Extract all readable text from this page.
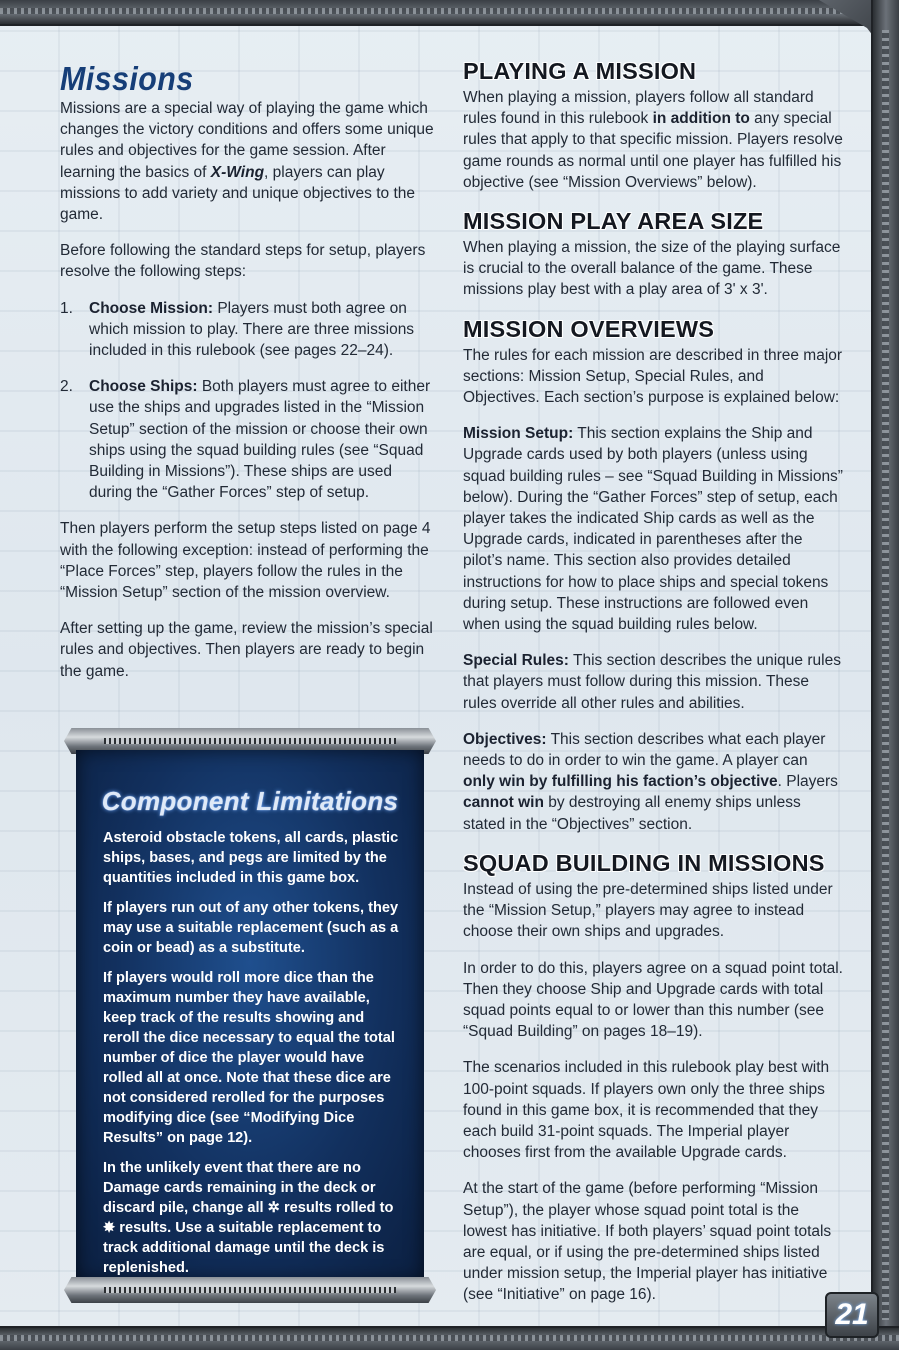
Missions

Missions are a special way of playing the game which changes the victory conditions and offers some unique rules and objectives for the game session. After learning the basics of X-Wing, players can play missions to add variety and unique objectives to the game.

Before following the standard steps for setup, players resolve the following steps:

1. Choose Mission: Players must both agree on which mission to play. There are three missions included in this rulebook (see pages 22–24).
2. Choose Ships: Both players must agree to either use the ships and upgrades listed in the “Mission Setup” section of the mission or choose their own ships using the squad building rules (see “Squad Building in Missions”). These ships are used during the “Gather Forces” step of setup.

Then players perform the setup steps listed on page 4 with the following exception: instead of performing the “Place Forces” step, players follow the rules in the “Mission Setup” section of the mission overview.

After setting up the game, review the mission’s special rules and objectives. Then players are ready to begin the game.

Component Limitations

Asteroid obstacle tokens, all cards, plastic ships, bases, and pegs are limited by the quantities included in this game box.

If players run out of any other tokens, they may use a suitable replacement (such as a coin or bead) as a substitute.

If players would roll more dice than the maximum number they have available, keep track of the results showing and reroll the dice necessary to equal the total number of dice the player would have rolled all at once. Note that these dice are not considered rerolled for the purposes modifying dice (see “Modifying Dice Results” on page 12).

In the unlikely event that there are no Damage cards remaining in the deck or discard pile, change all ✲ results rolled to ✸ results. Use a suitable replacement to track additional damage until the deck is replenished.

PLAYING A MISSION

When playing a mission, players follow all standard rules found in this rulebook in addition to any special rules that apply to that specific mission. Players resolve game rounds as normal until one player has fulfilled his objective (see “Mission Overviews” below).

MISSION PLAY AREA SIZE

When playing a mission, the size of the playing surface is crucial to the overall balance of the game. These missions play best with a play area of 3' x 3'.

MISSION OVERVIEWS

The rules for each mission are described in three major sections: Mission Setup, Special Rules, and Objectives. Each section’s purpose is explained below:

Mission Setup: This section explains the Ship and Upgrade cards used by both players (unless using squad building rules – see “Squad Building in Missions” below). During the “Gather Forces” step of setup, each player takes the indicated Ship cards as well as the Upgrade cards, indicated in parentheses after the pilot’s name. This section also provides detailed instructions for how to place ships and special tokens during setup. These instructions are followed even when using the squad building rules below.

Special Rules: This section describes the unique rules that players must follow during this mission. These rules override all other rules and abilities.

Objectives: This section describes what each player needs to do in order to win the game. A player can only win by fulfilling his faction’s objective. Players cannot win by destroying all enemy ships unless stated in the “Objectives” section.

SQUAD BUILDING IN MISSIONS

Instead of using the pre-determined ships listed under the “Mission Setup,” players may agree to instead choose their own ships and upgrades.

In order to do this, players agree on a squad point total. Then they choose Ship and Upgrade cards with total squad points equal to or lower than this number (see “Squad Building” on pages 18–19).

The scenarios included in this rulebook play best with 100-point squads. If players own only the three ships found in this game box, it is recommended that they each build 31-point squads. The Imperial player chooses first from the available Upgrade cards.

At the start of the game (before performing “Mission Setup”), the player whose squad point total is the lowest has initiative. If both players’ squad point totals are equal, or if using the pre-determined ships listed under mission setup, the Imperial player has initiative (see “Initiative” on page 16).

21
